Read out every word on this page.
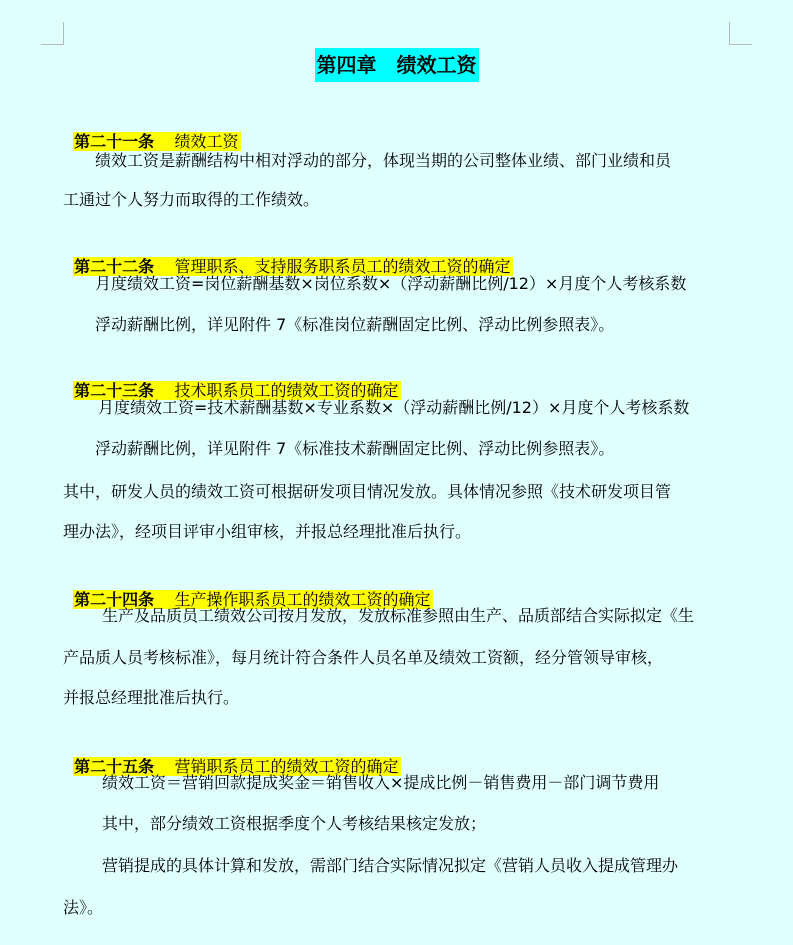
第四章　绩效工资

第二十一条 绩效工资

绩效工资是薪酬结构中相对浮动的部分，体现当期的公司整体业绩、部门业绩和员
工通过个人努力而取得的工作绩效。

第二十二条 管理职系、支持服务职系员工的绩效工资的确定

月度绩效工资=岗位薪酬基数×岗位系数×（浮动薪酬比例/12）×月度个人考核系数
浮动薪酬比例，详见附件 7《标准岗位薪酬固定比例、浮动比例参照表》。

第二十三条 技术职系员工的绩效工资的确定

月度绩效工资=技术薪酬基数×专业系数×（浮动薪酬比例/12）×月度个人考核系数
浮动薪酬比例，详见附件 7《标准技术薪酬固定比例、浮动比例参照表》。
其中，研发人员的绩效工资可根据研发项目情况发放。具体情况参照《技术研发项目管
理办法》，经项目评审小组审核，并报总经理批准后执行。

第二十四条 生产操作职系员工的绩效工资的确定

生产及品质员工绩效公司按月发放，发放标准参照由生产、品质部结合实际拟定《生
产品质人员考核标准》，每月统计符合条件人员名单及绩效工资额，经分管领导审核，
并报总经理批准后执行。

第二十五条 营销职系员工的绩效工资的确定

绩效工资＝营销回款提成奖金＝销售收入×提成比例－销售费用－部门调节费用
其中，部分绩效工资根据季度个人考核结果核定发放；
营销提成的具体计算和发放，需部门结合实际情况拟定《营销人员收入提成管理办
法》。
